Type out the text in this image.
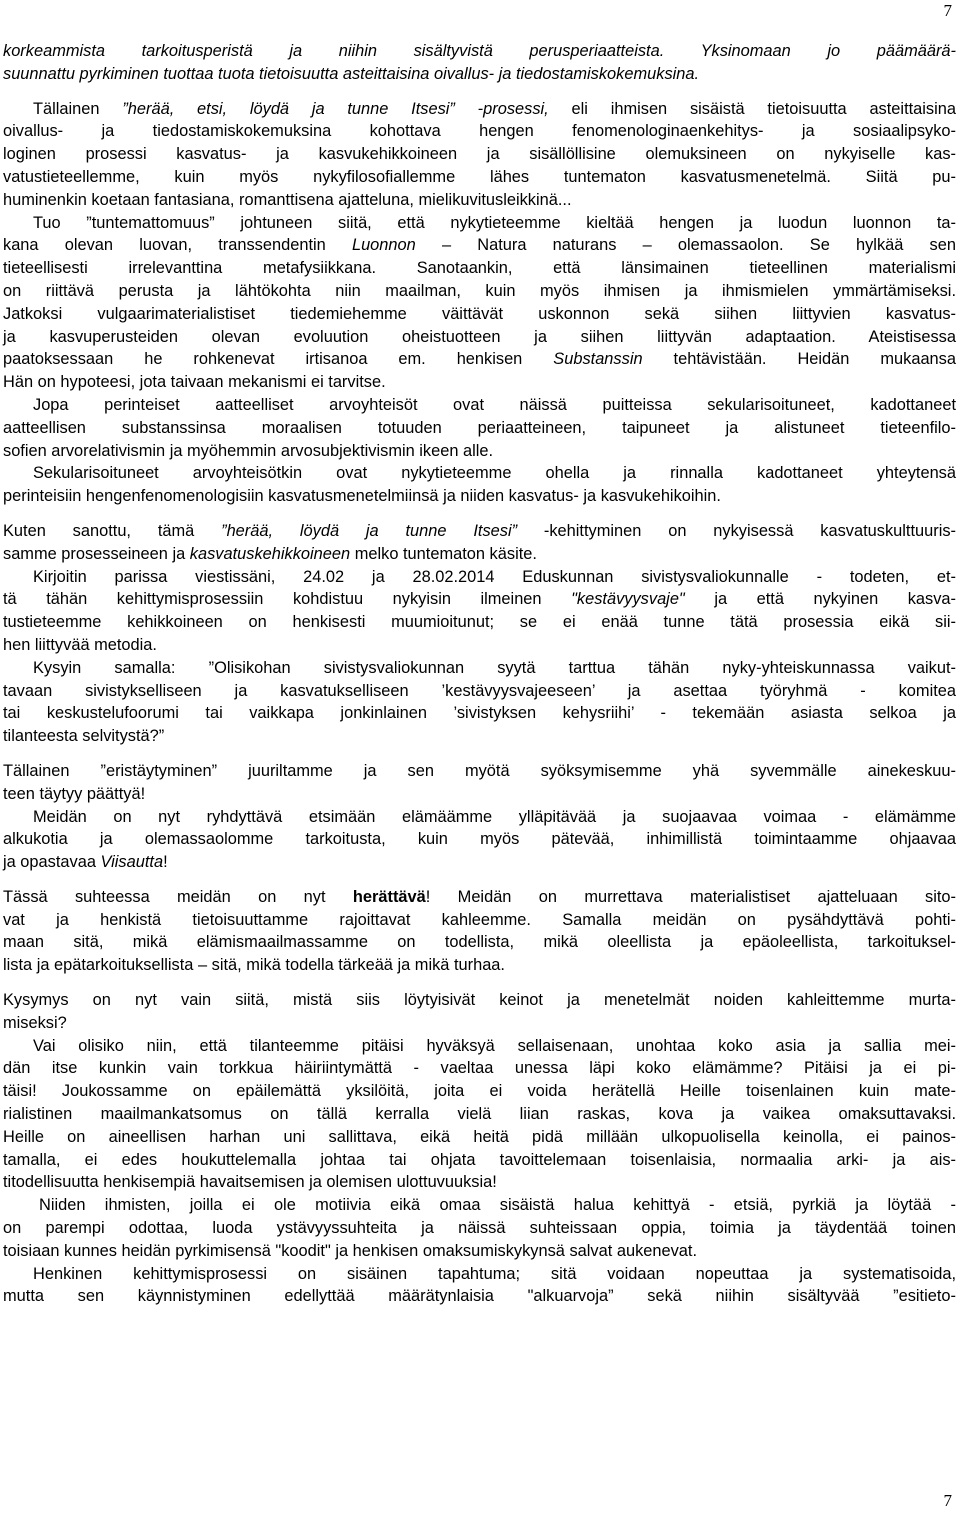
7
korkeammista tarkoitusperistä ja niihin sisältyvistä perusperiaatteista. Yksinomaan jo päämäärä-
suunnattu pyrkiminen tuottaa tuota tietoisuutta asteittaisina oivallus- ja tiedostamiskokemuksina.
Tällainen ”herää, etsi, löydä ja tunne Itsesi” -prosessi, eli ihmisen sisäistä tietoisuutta asteittaisina
oivallus- ja tiedostamiskokemuksina kohottava hengen fenomenologinaenkehitys- ja sosiaalipsyko-
loginen prosessi kasvatus- ja kasvukehikkoineen ja sisällöllisine olemuksineen on nykyiselle kas-
vatustieteellemme, kuin myös nykyfilosofiallemme lähes tuntematon kasvatusmenetelmä. Siitä pu-
huminenkin koetaan fantasiana, romanttisena ajatteluna, mielikuvitusleikkinä...
Tuo ”tuntemattomuus” johtuneen siitä, että nykytieteemme kieltää hengen ja luodun luonnon ta-
kana olevan luovan, transsendentin Luonnon – Natura naturans – olemassaolon. Se hylkää sen
tieteellisesti irrelevanttina metafysiikkana. Sanotaankin, että länsimainen tieteellinen materialismi
on riittävä perusta ja lähtökohta niin maailman, kuin myös ihmisen ja ihmismielen ymmärtämiseksi.
Jatkoksi vulgaarimaterialistiset tiedemiehemme väittävät uskonnon sekä siihen liittyvien kasvatus-
ja kasvuperusteiden olevan evoluution oheistuotteen ja siihen liittyvän adaptaation. Ateistisessa
paatoksessaan he rohkenevat irtisanoa em. henkisen Substanssin tehtävistään. Heidän mukaansa
Hän on hypoteesi, jota taivaan mekanismi ei tarvitse.
Jopa perinteiset aatteelliset arvoyhteisöt ovat näissä puitteissa sekularisoituneet, kadottaneet
aatteellisen substanssinsa moraalisen totuuden periaatteineen, taipuneet ja alistuneet tieteenfilo-
sofien arvorelativismin ja myöhemmin arvosubjektivismin ikeen alle.
Sekularisoituneet arvoyhteisötkin ovat nykytieteemme ohella ja rinnalla kadottaneet yhteytensä
perinteisiin hengenfenomenologisiin kasvatusmenetelmiinsä ja niiden kasvatus- ja kasvukehikoihin.
Kuten sanottu, tämä ”herää, löydä ja tunne Itsesi” -kehittyminen on nykyisessä kasvatuskulttuuris-
samme prosesseineen ja kasvatuskehikkoineen melko tuntematon käsite.
Kirjoitin parissa viestissäni, 24.02 ja 28.02.2014 Eduskunnan sivistysvaliokunnalle - todeten, et-
tä tähän kehittymisprosessiin kohdistuu nykyisin ilmeinen "kestävyysvaje" ja että nykyinen kasva-
tustieteemme kehikkoineen on henkisesti muumioitunut; se ei enää tunne tätä prosessia eikä sii-
hen liittyvää metodia.
Kysyin samalla: ”Olisikohan sivistysvaliokunnan syytä tarttua tähän nyky-yhteiskunnassa vaikut-
tavaan sivistykselliseen ja kasvatukselliseen ’kestävyysvajeeseen’ ja asettaa työryhmä - komitea
tai keskustelufoorumi tai vaikkapa jonkinlainen ’sivistyksen kehysriihi’ - tekemään asiasta selkoa ja
tilanteesta selvitystä?”
Tällainen ”eristäytyminen” juuriltamme ja sen myötä syöksymisemme yhä syvemmälle ainekeskuu-
teen täytyy päättyä!
Meidän on nyt ryhdyttävä etsimään elämäämme ylläpitävää ja suojaavaa voimaa - elämämme
alkukotia ja olemassaolomme tarkoitusta, kuin myös pätevää, inhimillistä toimintaamme ohjaavaa
ja opastavaa Viisautta!
Tässä suhteessa meidän on nyt herättävä! Meidän on murrettava materialistiset ajatteluaan sito-
vat ja henkistä tietoisuuttamme rajoittavat kahleemme. Samalla meidän on pysähdyttävä pohti-
maan sitä, mikä elämismaailmassamme on todellista, mikä oleellista ja epäoleellista, tarkoituksel-
lista ja epätarkoituksellista – sitä, mikä todella tärkeää ja mikä turhaa.
Kysymys on nyt vain siitä, mistä siis löytyisivät keinot ja menetelmät noiden kahleittemme murta-
miseksi?
Vai olisiko niin, että tilanteemme pitäisi hyväksyä sellaisenaan, unohtaa koko asia ja sallia mei-
dän itse kunkin vain torkkua häiriintymättä - vaeltaa unessa läpi koko elämämme? Pitäisi ja ei pi-
täisi! Joukossamme on epäilemättä yksilöitä, joita ei voida herätellä Heille toisenlainen kuin mate-
rialistinen maailmankatsomus on tällä kerralla vielä liian raskas, kova ja vaikea omaksuttavaksi.
Heille on aineellisen harhan uni sallittava, eikä heitä pidä millään ulkopuolisella keinolla, ei painos-
tamalla, ei edes houkuttelemalla johtaa tai ohjata tavoittelemaan toisenlaisia, normaalia arki- ja ais-
titodellisuutta henkisempiä havaitsemisen ja olemisen ulottuvuuksia!
Niiden ihmisten, joilla ei ole motiivia eikä omaa sisäistä halua kehittyä - etsiä, pyrkiä ja löytää -
on parempi odottaa, luoda ystävyyssuhteita ja näissä suhteissaan oppia, toimia ja täydentää toinen
toisiaan kunnes heidän pyrkimisensä "koodit" ja henkisen omaksumiskykynsä salvat aukenevat.
Henkinen kehittymisprosessi on sisäinen tapahtuma; sitä voidaan nopeuttaa ja systematisoida,
mutta sen käynnistyminen edellyttää määrätynlaisia "alkuarvoja” sekä niihin sisältyvää ”esitieto-
7
